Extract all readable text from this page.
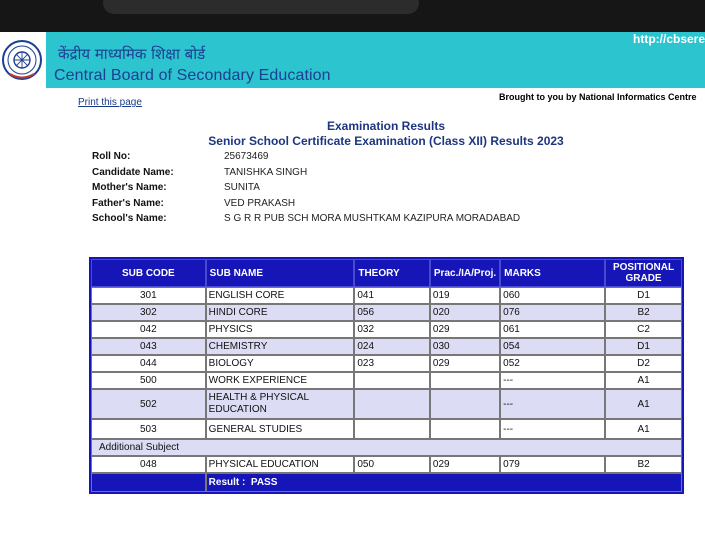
केंद्रीय माध्यमिक शिक्षा बोर्ड
Central Board of Secondary Education
http://cbsere
Print this page	Brought to you by National Informatics Centre
Examination Results
Senior School Certificate Examination (Class XII) Results 2023
Roll No:	25673469
Candidate Name:	TANISHKA SINGH
Mother's Name:	SUNITA
Father's Name:	VED PRAKASH
School's Name:	S G R R PUB SCH MORA MUSHTKAM KAZIPURA MORADABAD
SUB CODE	SUB NAME	THEORY	Prac./IA/Proj.	MARKS	POSITIONAL
GRADE
301	ENGLISH CORE	041	019	060	D1
302	HINDI CORE	056	020	076	B2
042	PHYSICS	032	029	061	C2
043	CHEMISTRY	024	030	054	D1
044	BIOLOGY	023	029	052	D2
500	WORK EXPERIENCE			---	A1
502	HEALTH & PHYSICAL
EDUCATION			---	A1
503	GENERAL STUDIES			---	A1
Additional Subject					
048	PHYSICAL EDUCATION	050	029	079	B2
	Result : PASS				
